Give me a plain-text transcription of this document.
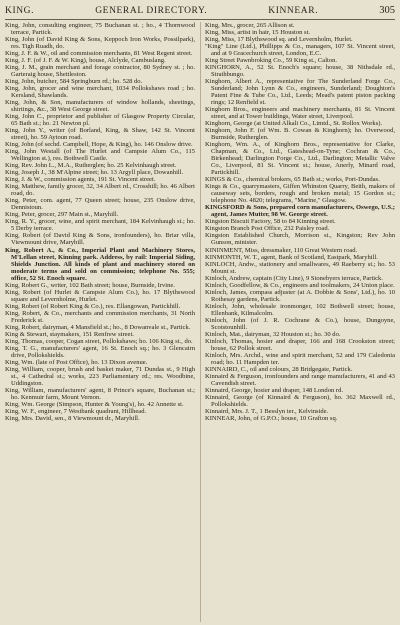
KING.	GENERAL DIRECTORY.	KINNEAR.	305
King, John, consulting engineer, 75 Buchanan st. ; ho., 4 Thornwood terrace, Partick.
King, John (of David King & Sons, Keppoch Iron Works, Possilpark), res. Tigh Ruadh, do.
King, J. F. & W., oil and commission merchants, 81 West Regent street.
King, J. F. (of J. F. & W. King), house, Alclyde, Cambuslang.
King, J. M., grain merchant and forage contractor, 80 Sydney st. ; ho. Garteraig house, Shettleston.
King, John, butcher, 584 Springburn rd.; ho. 528 do.
King, John, grocer and wine merchant, 1034 Pollokshaws road ; ho. Kersland, Shawlands.
King, John, & Son, manufacturers of window hollands, sheetings, shirtings, &c., 38 West George street.
King, John C., proprietor and publisher of Glasgow Property Circular, 65 Bath st.; ho. 21 Newton pl.
King, John Y., writer (of Borland, King, & Shaw, 142 St. Vincent street), ho. 59 Aytoun road.
King, John (of sechd. Campbell, Hope, & King), ho. 146 Onslow drive.
King, John Westall (of The Hurlet and Campsie Alum Co., 115 Wellington st.), res. Bothwell Castle.
King, Rev. John L., M.A., Rutherglen; ho. 25 Kelvinhaugh street.
King, Joseph J., 38 M'Alpine street; ho. 13 Argyll place, Dowanhill.
King, J. & W., commission agents, 191 St. Vincent street.
King, Matthew, family grocer, 32, 34 Albert rd., Crosshill; ho. 46 Albert road, do.
King, Peter, com. agent, 77 Queen street; house, 235 Onslow drive, Dennistoun.
King, Peter, grocer, 297 Main st., Maryhill.
King, R. Y., grocer, wine, and spirit merchant, 184 Kelvinhaugh st.; ho. 5 Derby terrace.
King, Robert (of David King & Sons, ironfounders), ho. Briar villa, Viewmount drive, Maryhill.
King, Robert A., & Co., Imperial Plant and Machinery Stores, M'Lellan street, Kinning park. Address, by rail: Imperial Siding, Shields Junction. All kinds of plant and machinery stored on moderate terms and sold on commission; telephone No. 555; office, 52 St. Enoch square.
King, Robert G., writer, 102 Bath street; house, Burnside, Irvine.
King, Robert (of Hurlet & Campsie Alum Co.), ho. 17 Blythswood square and Levernholme, Hurlet.
King, Robert (of Robert King & Co.), res. Ellangowan, Partickhill.
King, Robert, & Co., merchants and commission merchants, 31 North Frederick st.
King, Robert, dairyman, 4 Mansfield st.; ho., 8 Dowanvale st., Partick.
King & Stewart, staymakers, 151 Renfrew street.
King, Thomas, cooper, Cogan street, Pollokshaws; ho. 106 King st., do.
King, T. G., manufacturers' agent, 16 St. Enoch sq.; ho. 3 Glencairn drive, Pollokshields.
King, Wm. (late of Post Office), ho. 13 Dixon avenue.
King, William, cooper, brush and basket maker, 71 Dundas st., 9 High st., 4 Cathedral st.; works, 223 Parliamentary rd.; res. Woodbine, Uddingston.
King, William, manufacturers' agent, 8 Prince's square, Buchanan st.; ho. Kenmuir farm, Mount Vernon.
King, Wm. George (Simpson, Hunter & Young's), ho. 42 Annette st.
King, W. F., engineer, 7 Westbank quadrant, Hillhead.
King, Mrs. David, sen., 8 Viewmount dr., Maryhill.
King, Mrs., grocer, 265 Allison st.
King, Miss, artist in hair, 15 Houston st.
King, Miss, 17 Blythswood sq. and Levernholm, Hurlet.
"King" Line (Ltd.), Phillipps & Co., managers, 107 St. Vincent street, and at 9 Gracechurch street, London, E.C.
King Street Pawnbroking Co., 59 King st., Calton.
KINGHORN, A., 52 St. Enoch's square; house, 38 Nithsdale rd., Strathbungo.
Kinghorn, Albert A., representative for The Sunderland Forge Co., Sunderland; John Lynn & Co., engineers, Sunderland; Doughton's Patent Fine & Tube Co., Ltd., Leeds; Mead's patent piston packing rings; 12 Renfield st.
Kinghorn Bros., engineers and machinery merchants, 81 St. Vincent street, and at Tower buildings, Water street, Liverpool.
Kinghorn, George (at United Alkali Co., Limtd., St. Rollox Works).
Kinghorn, John F. (of Wm. B. Cowan & Kinghorn); ho. Overwood, Burnside, Rutherglen.
Kinghorn, Wm. A., of Kinghorn Bros., representative for Clarke, Chapman, & Co., Ltd., Gateshead-on-Tyne; Cochran & Co., Birkenhead; Darlington Forge Co., Ltd., Darlington; Metallic Valve Co., Liverpool, 81 St. Vincent st.; house, Anerly, Minard road, Partickhill.
KINGS & Co., chemical brokers, 65 Bath st.; works, Port-Dundas.
Kings & Co., quarrymasters, Giffen Whinston Quarry, Beith, makers of causeway sets, borders, rough and broken metal; 15 Gordon st.; telephone No. 4820; telegrams, "Marine," Glasgow.
KINGSFORD & Sons, prepared corn manufacturers, Oswego, U.S.; agent, James Mutter, 98 W. George street.
Kingston Biscuit Factory, 58 to 84 Kinning street.
Kingston Branch Post Office, 232 Paisley road.
Kingston Established Church, Morrison st., Kingston; Rev John Gunson, minister.
KININMENT, Miss, dressmaker, 110 Great Western road.
KINMONTH, W. T., agent, Bank of Scotland, Eastpark, Maryhill.
KINLOCH, Andw., stationery and smallwares, 49 Raeberry st.; ho. 53 Mount st.
Kinloch, Andrew, captain (City Line), 9 Stonebyers terrace, Partick.
Kinloch, Goodfellow, & Co., engineers and toolmakers, 24 Union place.
Kinloch, James, compass adjuster (at A. Dobbie & Sons', Ltd.), ho. 10 Rothesay gardens, Partick.
Kinloch, John, wholesale ironmonger, 102 Bothwell street; house, Ellenbank, Kilmalcolm.
Kinloch, John (of J. R. Cochrane & Co.), house, Dungoyne, Scotstounhill.
Kinloch, Mat., dairyman, 32 Houston st.; ho. 30 do.
Kinloch, Thomas, hosier and draper, 166 and 168 Crookston street; house, 62 Pollok street.
Kinloch, Mrs. Archd., wine and spirit merchant, 52 and 179 Caledonia road; ho. 11 Hampden ter.
KINNAIRD, C., oil and colours, 28 Bridgegate, Partick.
Kinnaird & Ferguson, ironfounders and range manufacturers, 41 and 43 Cavendish street.
Kinnaird, George, hosier and draper, 148 London rd.
Kinnaird, George (of Kinnaird & Ferguson), ho. 362 Maxwell rd., Pollokshields.
Kinnaird, Mrs. J. T., 1 Besslyn ter., Kelvinside.
KINNEAR, John, of G.P.O.; house, 10 Grafton sq.
